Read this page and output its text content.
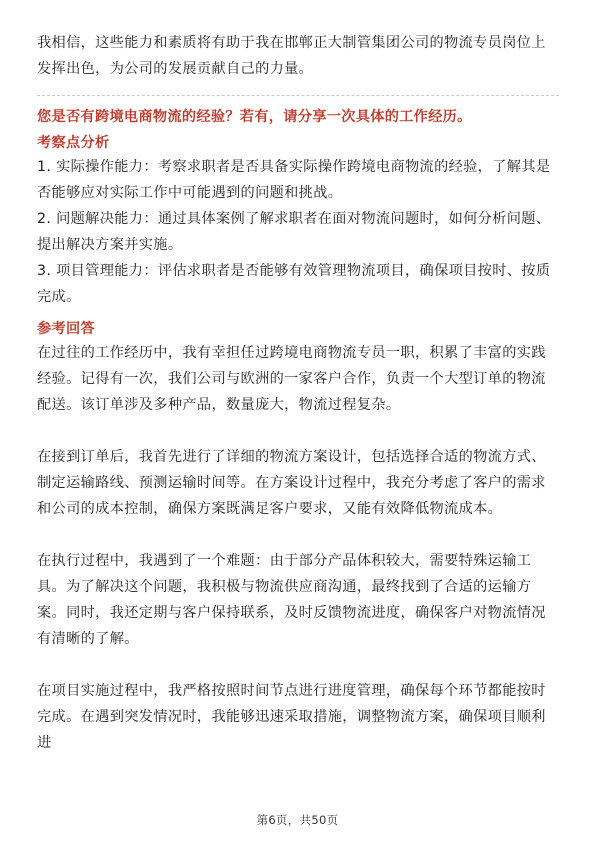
我相信，这些能力和素质将有助于我在邯郸正大制管集团公司的物流专员岗位上发挥出色，为公司的发展贡献自己的力量。

您是否有跨境电商物流的经验？若有，请分享一次具体的工作经历。

考察点分析

1. 实际操作能力：考察求职者是否具备实际操作跨境电商物流的经验，了解其是否能够应对实际工作中可能遇到的问题和挑战。

2. 问题解决能力：通过具体案例了解求职者在面对物流问题时，如何分析问题、提出解决方案并实施。

3. 项目管理能力：评估求职者是否能够有效管理物流项目，确保项目按时、按质完成。

参考回答

在过往的工作经历中，我有幸担任过跨境电商物流专员一职，积累了丰富的实践经验。记得有一次，我们公司与欧洲的一家客户合作，负责一个大型订单的物流配送。该订单涉及多种产品，数量庞大，物流过程复杂。

在接到订单后，我首先进行了详细的物流方案设计，包括选择合适的物流方式、制定运输路线、预测运输时间等。在方案设计过程中，我充分考虑了客户的需求和公司的成本控制，确保方案既满足客户要求，又能有效降低物流成本。

在执行过程中，我遇到了一个难题：由于部分产品体积较大，需要特殊运输工具。为了解决这个问题，我积极与物流供应商沟通，最终找到了合适的运输方案。同时，我还定期与客户保持联系，及时反馈物流进度，确保客户对物流情况有清晰的了解。

在项目实施过程中，我严格按照时间节点进行进度管理，确保每个环节都能按时完成。在遇到突发情况时，我能够迅速采取措施，调整物流方案，确保项目顺利进

第6页，共50页
